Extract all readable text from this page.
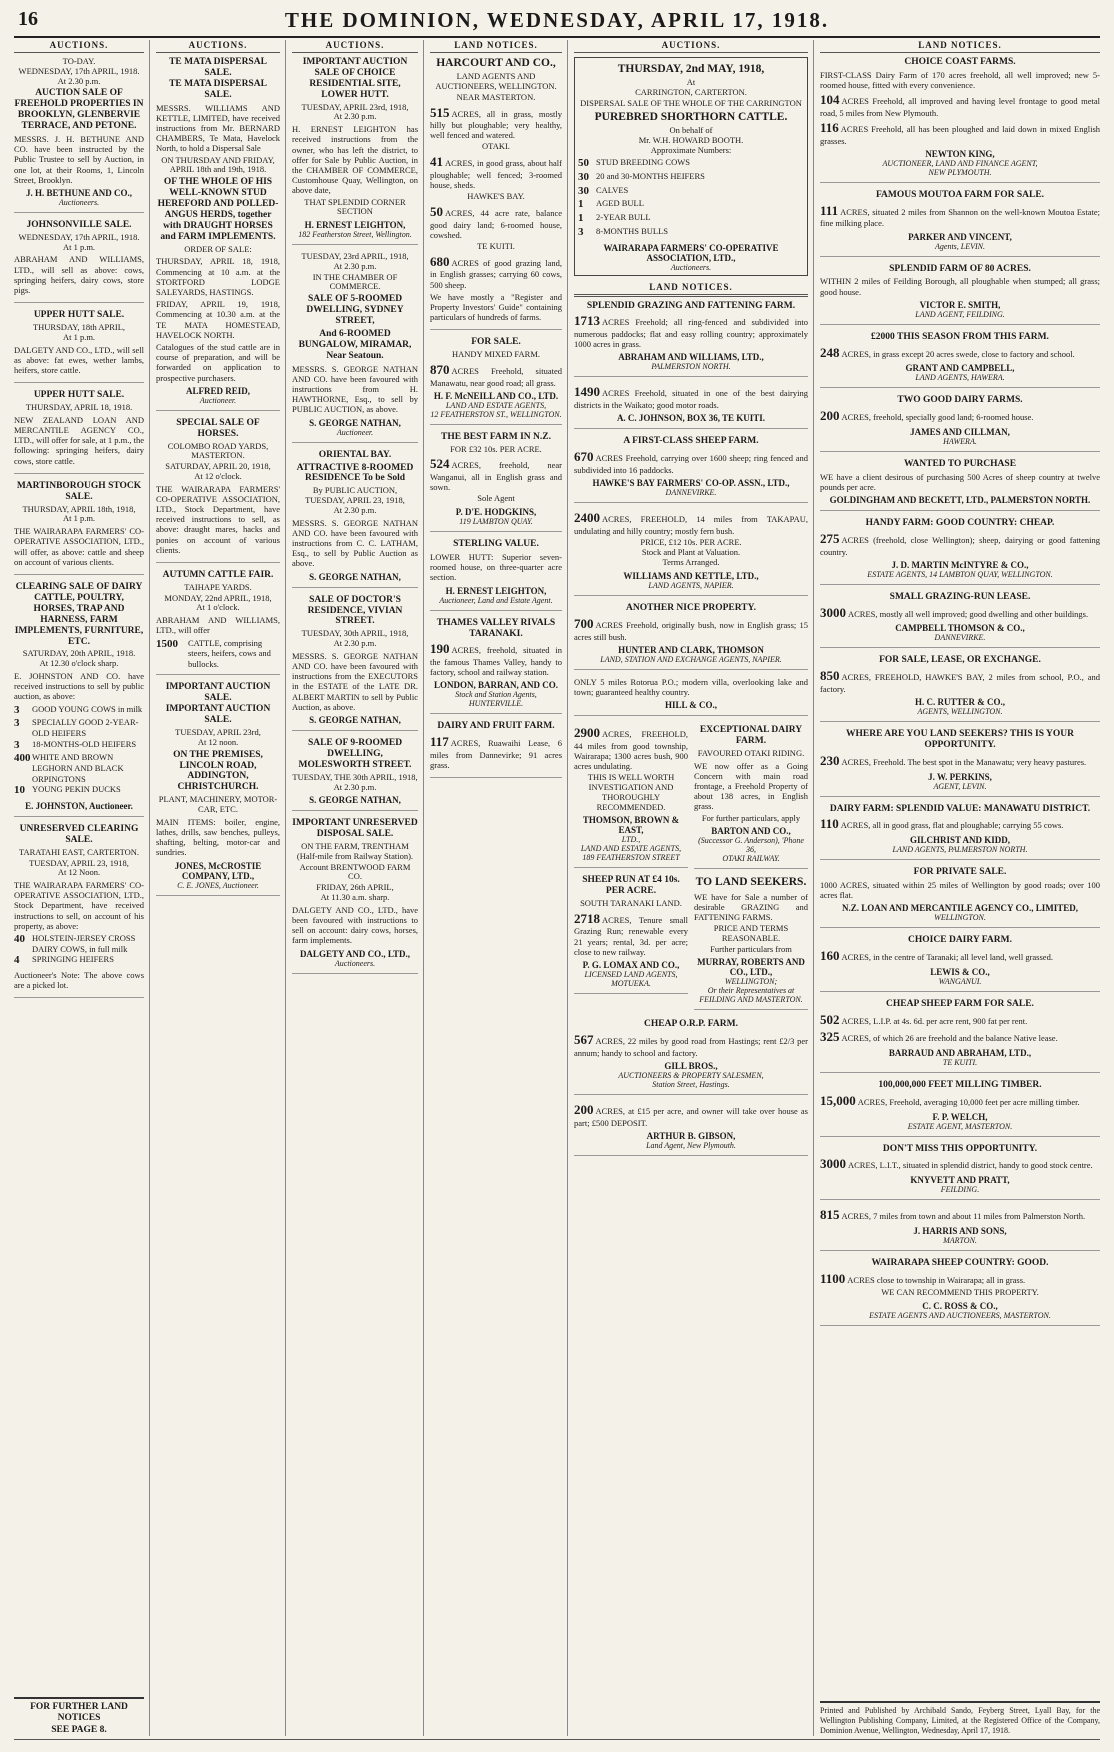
16	THE DOMINION, WEDNESDAY, APRIL 17, 1918.
AUCTIONS.
TO-DAY.
WEDNESDAY, 17th APRIL, 1918.
At 2.30 p.m.
AUCTION SALE OF FREEHOLD PROPERTIES IN BROOKLYN, GLENBERVIE TERRACE, AND PETONE.
MESSRS. J. H. BETHUNE AND CO. have been instructed by the Public Trustee to sell by Auction, in one lot, at their Rooms, 1, Lincoln Street, Brooklyn.
J. H. BETHUNE AND CO.,
Auctioneers.
JOHNSONVILLE SALE.
WEDNESDAY, 17th APRIL, 1918.
At 1 p.m.
ABRAHAM AND WILLIAMS, LTD., will sell as above: cows, springing heifers, dairy cows, store pigs.
UPPER HUTT SALE.
THURSDAY, 18th APRIL,
At 1 p.m.
DALGETY AND CO., LTD., will sell as above: fat ewes, wether lambs, heifers, store cattle.
UPPER HUTT SALE.
THURSDAY, APRIL 18, 1918.
NEW ZEALAND LOAN AND MERCANTILE AGENCY CO., LTD., will offer for sale, at 1 p.m., the following: springing heifers, dairy cows, store cattle.
MARTINBOROUGH STOCK SALE.
THURSDAY, APRIL 18th, 1918,
At 1 p.m.
THE WAIRARAPA FARMERS' CO-OPERATIVE ASSOCIATION, LTD., will offer, as above: cattle and sheep on account of various clients.
CLEARING SALE OF DAIRY CATTLE, POULTRY, HORSES, TRAP AND HARNESS, FARM IMPLEMENTS, FURNITURE, ETC.
SATURDAY, 20th APRIL, 1918.
At 12.30 o'clock sharp.
E. JOHNSTON AND CO. have received instructions to sell by public auction, as above:
3	GOOD YOUNG COWS in milk
3	SPECIALLY GOOD 2-YEAR-OLD HEIFERS
3	18-MONTHS-OLD HEIFERS
400 WHITE AND BROWN LEGHORN AND BLACK ORPINGTONS
10 YOUNG PEKIN DUCKS
E. JOHNSTON, Auctioneer.
UNRESERVED CLEARING SALE.
TARATAHI EAST, CARTERTON.
TUESDAY, APRIL 23, 1918,
At 12 Noon.
THE WAIRARAPA FARMERS' CO-OPERATIVE ASSOCIATION, LTD., Stock Department, have received instructions to sell, on account of his property, as above:
40 HOLSTEIN-JERSEY CROSS DAIRY COWS, in full milk
4	SPRINGING HEIFERS
Auctioneer's Note: The above cows are a picked lot.
FOR FURTHER LAND NOTICES
SEE PAGE 8.
AUCTIONS.
TE MATA DISPERSAL SALE.
TE MATA DISPERSAL SALE.
MESSRS. WILLIAMS AND KETTLE, LIMITED, have received instructions from Mr. BERNARD CHAMBERS, Te Mata, Havelock North, to hold a Dispersal Sale
ON THURSDAY AND FRIDAY, APRIL 18th and 19th, 1918.
OF THE WHOLE OF HIS WELL-KNOWN STUD HEREFORD AND POLLED-ANGUS HERDS, together with DRAUGHT HORSES and FARM IMPLEMENTS.
ORDER OF SALE:
THURSDAY, APRIL 18, 1918, Commencing at 10 a.m. at the STORTFORD LODGE SALEYARDS, HASTINGS.
FRIDAY, APRIL 19, 1918, Commencing at 10.30 a.m. at the TE MATA HOMESTEAD, HAVELOCK NORTH.
Catalogues of the stud cattle are in course of preparation, and will be forwarded on application to prospective purchasers.
ALFRED REID,
Auctioneer.
SPECIAL SALE OF HORSES.
COLOMBO ROAD YARDS, MASTERTON.
SATURDAY, APRIL 20, 1918,
At 12 o'clock.
THE WAIRARAPA FARMERS' CO-OPERATIVE ASSOCIATION, LTD., Stock Department, have received instructions to sell, as above: draught mares, hacks and ponies on account of various clients.
AUTUMN CATTLE FAIR.
TAIHAPE YARDS.
MONDAY, 22nd APRIL, 1918,
At 1 o'clock.
ABRAHAM AND WILLIAMS, LTD., will offer
1500	CATTLE, comprising steers, heifers, cows and bullocks.
IMPORTANT AUCTION SALE.
IMPORTANT AUCTION SALE.
TUESDAY, APRIL 23rd,
At 12 noon.
ON THE PREMISES, LINCOLN ROAD, ADDINGTON, CHRISTCHURCH.
PLANT, MACHINERY, MOTOR-CAR, ETC.
MAIN ITEMS: boiler, engine, lathes, drills, saw benches, pulleys, shafting, belting, motor-car and sundries.
JONES, McCROSTIE COMPANY, LTD.,
C. E. JONES, Auctioneer.
AUCTIONS.
IMPORTANT AUCTION SALE OF CHOICE RESIDENTIAL SITE, LOWER HUTT.
TUESDAY, APRIL 23rd, 1918,
At 2.30 p.m.
H. ERNEST LEIGHTON has received instructions from the owner, who has left the district, to offer for Sale by Public Auction, in the CHAMBER OF COMMERCE, Customhouse Quay, Wellington, on above date,
THAT SPLENDID CORNER SECTION
H. ERNEST LEIGHTON,
182 Featherston Street, Wellington.
TUESDAY, 23rd APRIL, 1918,
At 2.30 p.m.
IN THE CHAMBER OF COMMERCE.
SALE OF 5-ROOMED DWELLING, SYDNEY STREET,
And 6-ROOMED BUNGALOW, MIRAMAR, Near Seatoun.
MESSRS. S. GEORGE NATHAN AND CO. have been favoured with instructions from H. HAWTHORNE, Esq., to sell by PUBLIC AUCTION, as above.
S. GEORGE NATHAN,
Auctioneer.
ORIENTAL BAY.
ATTRACTIVE 8-ROOMED RESIDENCE To be Sold
By PUBLIC AUCTION,
TUESDAY, APRIL 23, 1918,
At 2.30 p.m.
MESSRS. S. GEORGE NATHAN AND CO. have been favoured with instructions from C. C. LATHAM, Esq., to sell by Public Auction as above.
S. GEORGE NATHAN,
SALE OF DOCTOR'S RESIDENCE, VIVIAN STREET.
TUESDAY, 30th APRIL, 1918,
At 2.30 p.m.
MESSRS. S. GEORGE NATHAN AND CO. have been favoured with instructions from the EXECUTORS in the ESTATE of the LATE DR. ALBERT MARTIN to sell by Public Auction, as above.
S. GEORGE NATHAN,
SALE OF 9-ROOMED DWELLING, MOLESWORTH STREET.
TUESDAY, THE 30th APRIL, 1918,
At 2.30 p.m.
S. GEORGE NATHAN,
IMPORTANT UNRESERVED DISPOSAL SALE.
ON THE FARM, TRENTHAM
(Half-mile from Railway Station).
Account BRENTWOOD FARM CO.
FRIDAY, 26th APRIL,
At 11.30 a.m. sharp.
DALGETY AND CO., LTD., have been favoured with instructions to sell on account: dairy cows, horses, farm implements.
DALGETY AND CO., LTD.,
Auctioneers.
LAND NOTICES.
HARCOURT AND CO.,
LAND AGENTS AND AUCTIONEERS, WELLINGTON.
NEAR MASTERTON.
515 ACRES, all in grass, mostly hilly but ploughable; very healthy, well fenced and watered.
OTAKI.
41 ACRES, in good grass, about half ploughable; well fenced; 3-roomed house, sheds.
HAWKE'S BAY.
50 ACRES, 44 acre rate, balance good dairy land; 6-roomed house, cowshed.
TE KUITI.
680 ACRES of good grazing land, in English grasses; carrying 60 cows, 500 sheep.
We have mostly a "Register and Property Investors' Guide" containing particulars of hundreds of farms.
FOR SALE.
HANDY MIXED FARM.
870 ACRES Freehold, situated Manawatu, near good road; all grass.
H. F. McNEILL AND CO., LTD.
LAND AND ESTATE AGENTS,
12 FEATHERSTON ST., WELLINGTON.
THE BEST FARM IN N.Z.
FOR £32 10s. PER ACRE.
524 ACRES, freehold, near Wanganui, all in English grass and sown.
Sole Agent
P. D'E. HODGKINS,
119 LAMBTON QUAY.
STERLING VALUE.
LOWER HUTT: Superior seven-roomed house, on three-quarter acre section.
H. ERNEST LEIGHTON,
Auctioneer, Land and Estate Agent.
THAMES VALLEY RIVALS TARANAKI.
190 ACRES, freehold, situated in the famous Thames Valley, handy to factory, school and railway station.
LONDON, BARRAN, AND CO.
Stock and Station Agents, HUNTERVILLE.
DAIRY AND FRUIT FARM.
117 ACRES, Ruawaihi Lease, 6 miles from Dannevirke; 91 acres grass.
AUCTIONS.
THURSDAY, 2nd MAY, 1918,
At
CARRINGTON, CARTERTON.
DISPERSAL SALE OF THE WHOLE OF THE CARRINGTON
PUREBRED SHORTHORN CATTLE.
On behalf of
Mr. W.H. HOWARD BOOTH.
Approximate Numbers:
50 STUD BREEDING COWS
30 20 and 30-MONTHS HEIFERS
30 CALVES
1	AGED BULL
1	2-YEAR BULL
3	8-MONTHS BULLS
WAIRARAPA FARMERS' CO-OPERATIVE ASSOCIATION, LTD.,
Auctioneers.
LAND NOTICES.
SPLENDID GRAZING AND FATTENING FARM.
1713 ACRES Freehold; all ring-fenced and subdivided into numerous paddocks; flat and easy rolling country; approximately 1000 acres in grass.
ABRAHAM AND WILLIAMS, LTD.,
PALMERSTON NORTH.
1490 ACRES Freehold, situated in one of the best dairying districts in the Waikato; good motor roads.
A. C. JOHNSON, BOX 36, TE KUITI.
A FIRST-CLASS SHEEP FARM.
670 ACRES Freehold, carrying over 1600 sheep; ring fenced and subdivided into 16 paddocks.
HAWKE'S BAY FARMERS' CO-OP. ASSN., LTD.,
DANNEVIRKE.
2400 ACRES, FREEHOLD, 14 miles from TAKAPAU, undulating and hilly country; mostly fern bush.
PRICE, £12 10s. PER ACRE.
Stock and Plant at Valuation.
Terms Arranged.
WILLIAMS AND KETTLE, LTD.,
LAND AGENTS, NAPIER.
ANOTHER NICE PROPERTY.
700 ACRES Freehold, originally bush, now in English grass; 15 acres still bush.
HUNTER AND CLARK, THOMSON
LAND, STATION AND EXCHANGE AGENTS, NAPIER.
ONLY 5 miles Rotorua P.O.; modern villa, overlooking lake and town; guaranteed healthy country.
HILL & CO.,
2900 ACRES, FREEHOLD, 44 miles from good township, Wairarapa; 1300 acres bush, 900 acres undulating.
THIS IS WELL WORTH INVESTIGATION AND THOROUGHLY RECOMMENDED.
THOMSON, BROWN & EAST,
LTD.,
LAND AND ESTATE AGENTS,
189 FEATHERSTON STREET
SHEEP RUN AT £4 10s. PER ACRE.
SOUTH TARANAKI LAND.
2718 ACRES, Tenure small Grazing Run; renewable every 21 years; rental, 3d. per acre; close to new railway.
P. G. LOMAX AND CO.,
LICENSED LAND AGENTS,
MOTUEKA.
EXCEPTIONAL DAIRY FARM.
FAVOURED OTAKI RIDING.
WE now offer as a Going Concern with main road frontage, a Freehold Property of about 138 acres, in English grass.
For further particulars, apply
BARTON AND CO.,
(Successor G. Anderson), 'Phone 36,
OTAKI RAILWAY.
TO LAND SEEKERS.
WE have for Sale a number of desirable GRAZING and FATTENING FARMS.
PRICE AND TERMS REASONABLE.
Further particulars from
MURRAY, ROBERTS AND CO., LTD.,
WELLINGTON;
Or their Representatives at
FEILDING AND MASTERTON.
CHEAP O.R.P. FARM.
567 ACRES, 22 miles by good road from Hastings; rent £2/3 per annum; handy to school and factory.
GILL BROS.,
AUCTIONEERS & PROPERTY SALESMEN,
Station Street, Hastings.
200 ACRES, at £15 per acre, and owner will take over house as part; £500 DEPOSIT.
ARTHUR B. GIBSON,
Land Agent, New Plymouth.
LAND NOTICES.
CHOICE COAST FARMS.
FIRST-CLASS Dairy Farm of 170 acres freehold, all well improved; new 5-roomed house, fitted with every convenience.
104 ACRES Freehold, all improved and having level frontage to good metal road, 5 miles from New Plymouth.
116 ACRES Freehold, all has been ploughed and laid down in mixed English grasses.
NEWTON KING,
AUCTIONEER, LAND AND FINANCE AGENT,
NEW PLYMOUTH.
FAMOUS MOUTOA FARM FOR SALE.
111 ACRES, situated 2 miles from Shannon on the well-known Moutoa Estate; fine milking place.
PARKER AND VINCENT,
Agents, LEVIN.
SPLENDID FARM OF 80 ACRES.
WITHIN 2 miles of Feilding Borough, all ploughable when stumped; all grass; good house.
VICTOR E. SMITH,
LAND AGENT, FEILDING.
£2000 THIS SEASON FROM THIS FARM.
248 ACRES, in grass except 20 acres swede, close to factory and school.
GRANT AND CAMPBELL,
LAND AGENTS, HAWERA.
TWO GOOD DAIRY FARMS.
200 ACRES, freehold, specially good land; 6-roomed house.
JAMES AND CILLMAN,
HAWERA.
WANTED TO PURCHASE
WE have a client desirous of purchasing 500 Acres of sheep country at twelve pounds per acre.
GOLDINGHAM AND BECKETT, LTD., PALMERSTON NORTH.
HANDY FARM: GOOD COUNTRY: CHEAP.
275 ACRES (freehold, close Wellington); sheep, dairying or good fattening country.
J. D. MARTIN McINTYRE & CO.,
ESTATE AGENTS, 14 LAMBTON QUAY, WELLINGTON.
SMALL GRAZING-RUN LEASE.
3000 ACRES, mostly all well improved; good dwelling and other buildings.
CAMPBELL THOMSON & CO.,
DANNEVIRKE.
FOR SALE, LEASE, OR EXCHANGE.
850 ACRES, FREEHOLD, HAWKE'S BAY, 2 miles from school, P.O., and factory.
H. C. RUTTER & CO.,
AGENTS, WELLINGTON.
WHERE ARE YOU LAND SEEKERS? THIS IS YOUR OPPORTUNITY.
230 ACRES, Freehold. The best spot in the Manawatu; very heavy pastures.
J. W. PERKINS,
AGENT, LEVIN.
DAIRY FARM: SPLENDID VALUE: MANAWATU DISTRICT.
110 ACRES, all in good grass, flat and ploughable; carrying 55 cows.
GILCHRIST AND KIDD,
LAND AGENTS, PALMERSTON NORTH.
FOR PRIVATE SALE.
1000 ACRES, situated within 25 miles of Wellington by good roads; over 100 acres flat.
N.Z. LOAN AND MERCANTILE AGENCY CO., LIMITED,
WELLINGTON.
CHOICE DAIRY FARM.
160 ACRES, in the centre of Taranaki; all level land, well grassed.
LEWIS & CO.,
WANGANUI.
CHEAP SHEEP FARM FOR SALE.
502 ACRES, L.I.P. at 4s. 6d. per acre rent, 900 fat per rent.
325 ACRES, of which 26 are freehold and the balance Native lease.
BARRAUD AND ABRAHAM, LTD.,
TE KUITI.
100,000,000 FEET MILLING TIMBER.
15,000 ACRES, Freehold, averaging 10,000 feet per acre milling timber.
F. P. WELCH,
ESTATE AGENT, MASTERTON.
DON'T MISS THIS OPPORTUNITY.
3000 ACRES, L.I.T., situated in splendid district, handy to good stock centre.
KNYVETT AND PRATT,
FEILDING.
815 ACRES, 7 miles from town and about 11 miles from Palmerston North.
J. HARRIS AND SONS,
MARTON.
WAIRARAPA SHEEP COUNTRY: GOOD.
1100 ACRES close to township in Wairarapa; all in grass.
WE CAN RECOMMEND THIS PROPERTY.
C. C. ROSS & CO.,
ESTATE AGENTS AND AUCTIONEERS, MASTERTON.
Printed and Published by Archibald Sando, Feyberg Street, Lyall Bay, for the Wellington Publishing Company, Limited, at the Registered Office of the Company, Dominion Avenue, Wellington, Wednesday, April 17, 1918.
